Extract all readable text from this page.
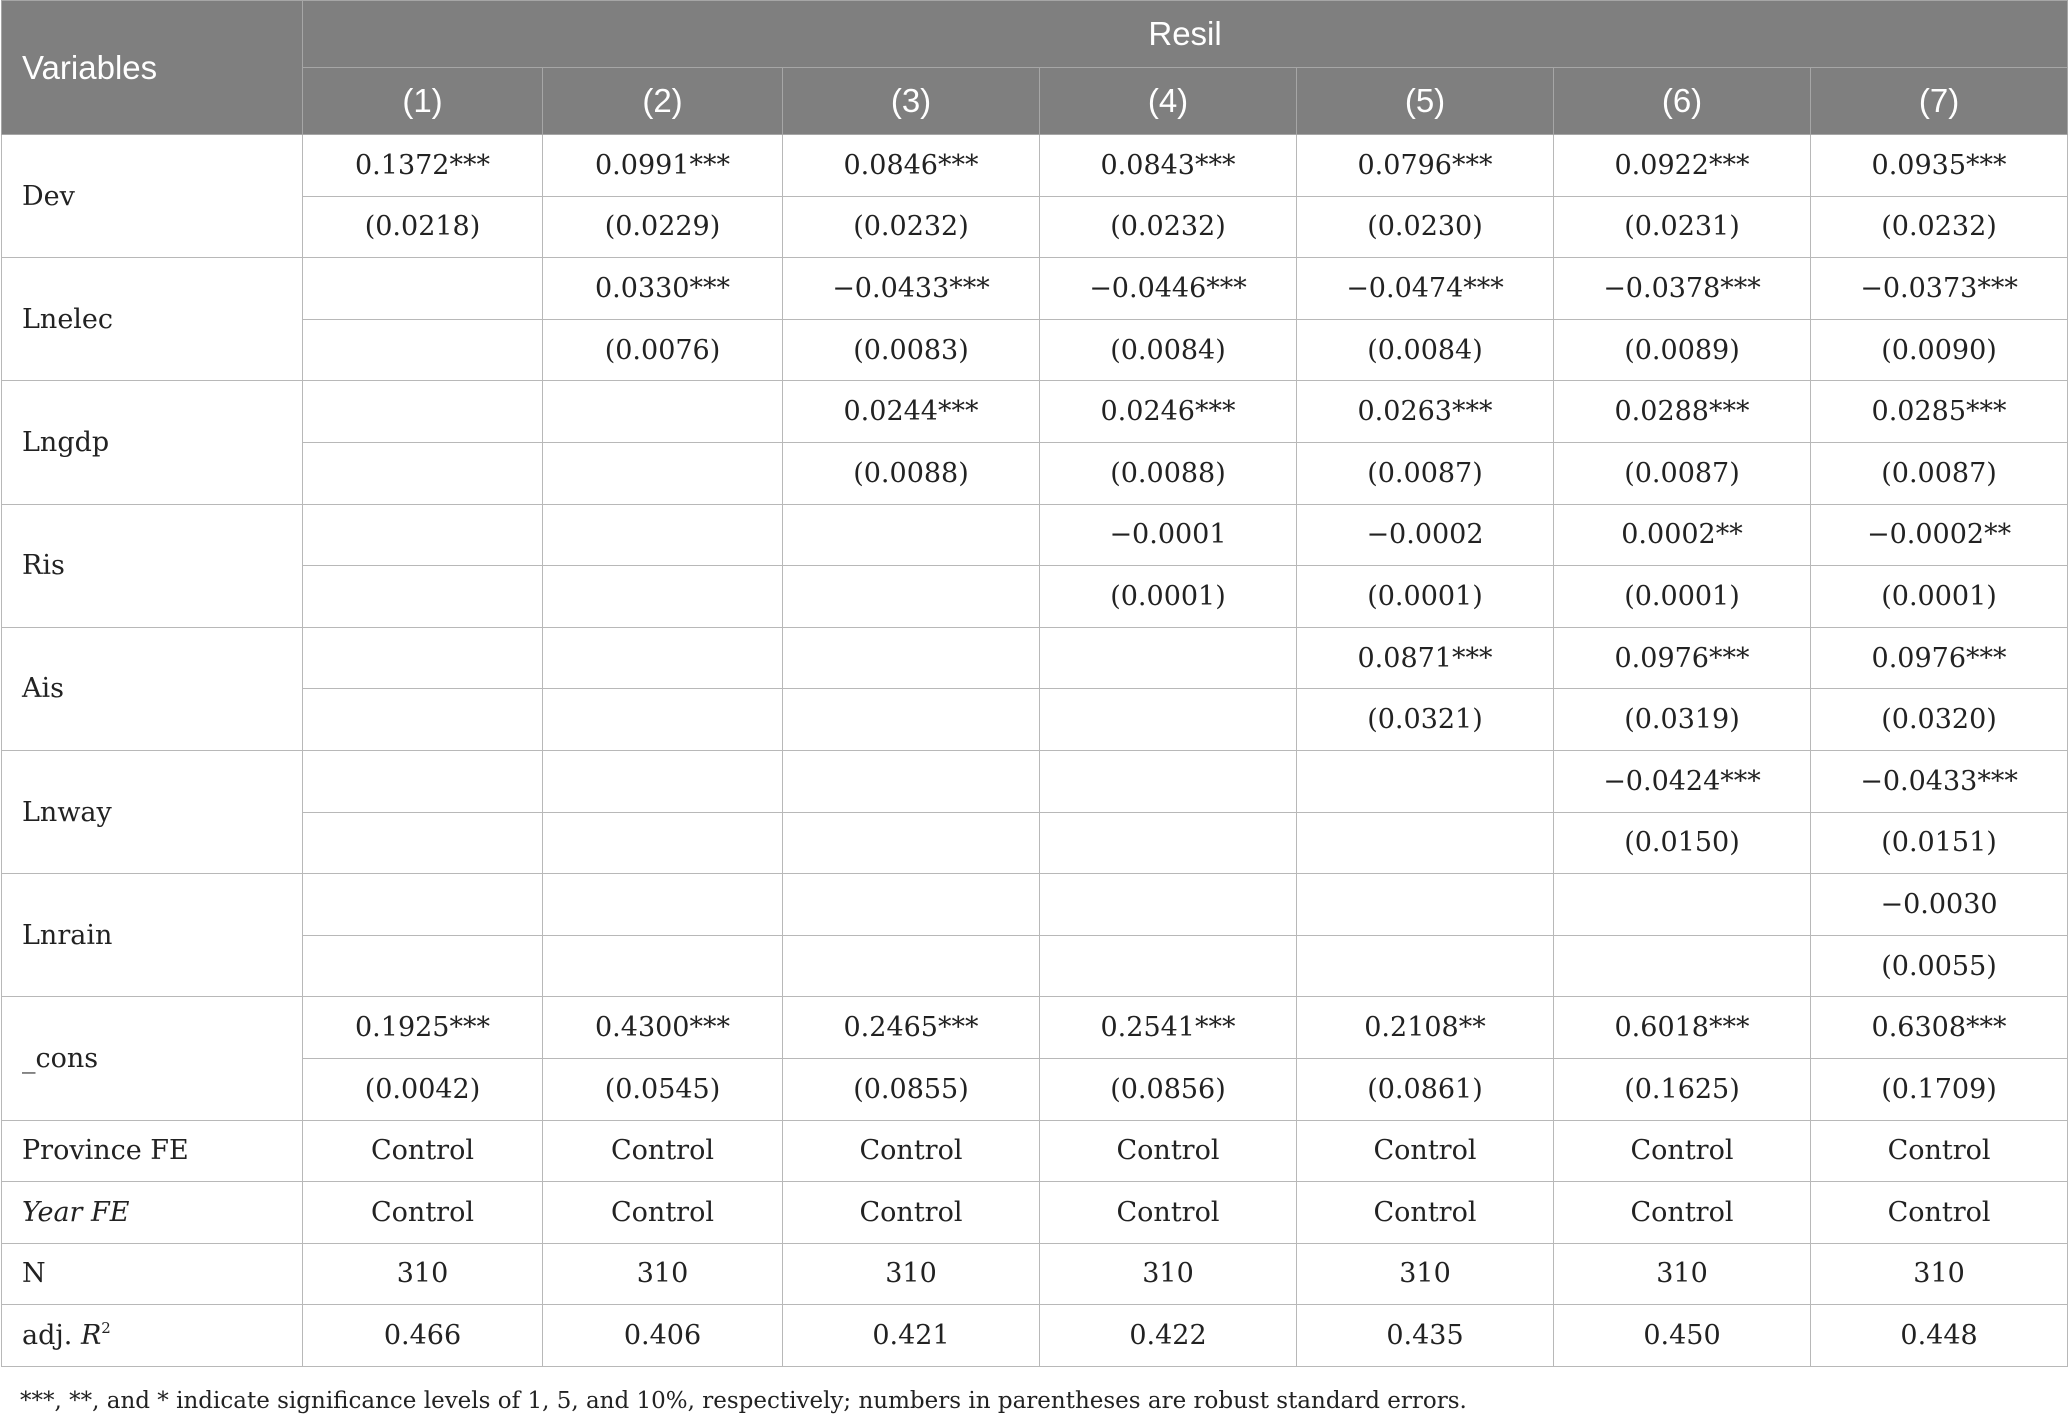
Variables	Resil						
	(1)	(2)	(3)	(4)	(5)	(6)	(7)
Dev	0.1372***	0.0991***	0.0846***	0.0843***	0.0796***	0.0922***	0.0935***
	(0.0218)	(0.0229)	(0.0232)	(0.0232)	(0.0230)	(0.0231)	(0.0232)
Lnelec		0.0330***	−0.0433***	−0.0446***	−0.0474***	−0.0378***	−0.0373***
		(0.0076)	(0.0083)	(0.0084)	(0.0084)	(0.0089)	(0.0090)
Lngdp			0.0244***	0.0246***	0.0263***	0.0288***	0.0285***
			(0.0088)	(0.0088)	(0.0087)	(0.0087)	(0.0087)
Ris				−0.0001	−0.0002	0.0002**	−0.0002**
				(0.0001)	(0.0001)	(0.0001)	(0.0001)
Ais					0.0871***	0.0976***	0.0976***
					(0.0321)	(0.0319)	(0.0320)
Lnway						−0.0424***	−0.0433***
						(0.0150)	(0.0151)
Lnrain							−0.0030
							(0.0055)
_cons	0.1925***	0.4300***	0.2465***	0.2541***	0.2108**	0.6018***	0.6308***
	(0.0042)	(0.0545)	(0.0855)	(0.0856)	(0.0861)	(0.1625)	(0.1709)
Province FE	Control	Control	Control	Control	Control	Control	Control
Year FE	Control	Control	Control	Control	Control	Control	Control
N	310	310	310	310	310	310	310
adj. $R^2$	0.466	0.406	0.421	0.422	0.435	0.450	0.448
***, **, and * indicate significance levels of 1, 5, and 10%, respectively; numbers in parentheses are robust standard errors.
